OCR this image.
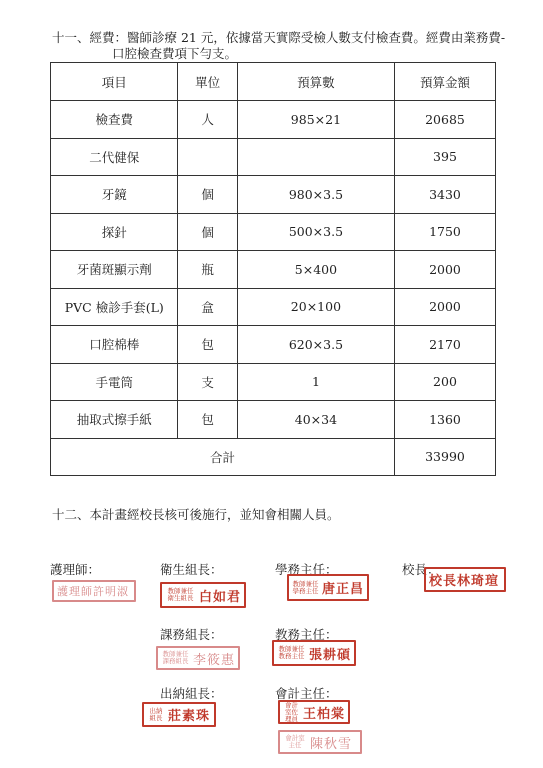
十一、經費：醫師診療 21 元，依據當天實際受檢人數支付檢查費。經費由業務費-
口腔檢查費項下勻支。
項目	單位	預算數	預算金額
檢查費	人	985×21	20685
二代健保			395
牙鏡	個	980×3.5	3430
探針	個	500×3.5	1750
牙菌斑顯示劑	瓶	5×400	2000
PVC 檢診手套(L)	盒	20×100	2000
口腔棉棒	包	620×3.5	2170
手電筒	支	1	200
抽取式擦手紙	包	40×34	1360
合計			33990
十二、本計畫經校長核可後施行，並知會相關人員。
護理師：	衛生組長：	學務主任：	校長：
課務組長：	教務主任：
出納組長：	會計主任：
護理師許明淑	教師兼任衛生組長 白如君
教師兼任學務主任 唐正昌
校長林琦瑄
教師兼任課務組長 李筱惠
教師兼任教務主任 張耕碩
出納組長 莊素珠
會計室佐理員 王柏棠
會計室主任 陳秋雪
